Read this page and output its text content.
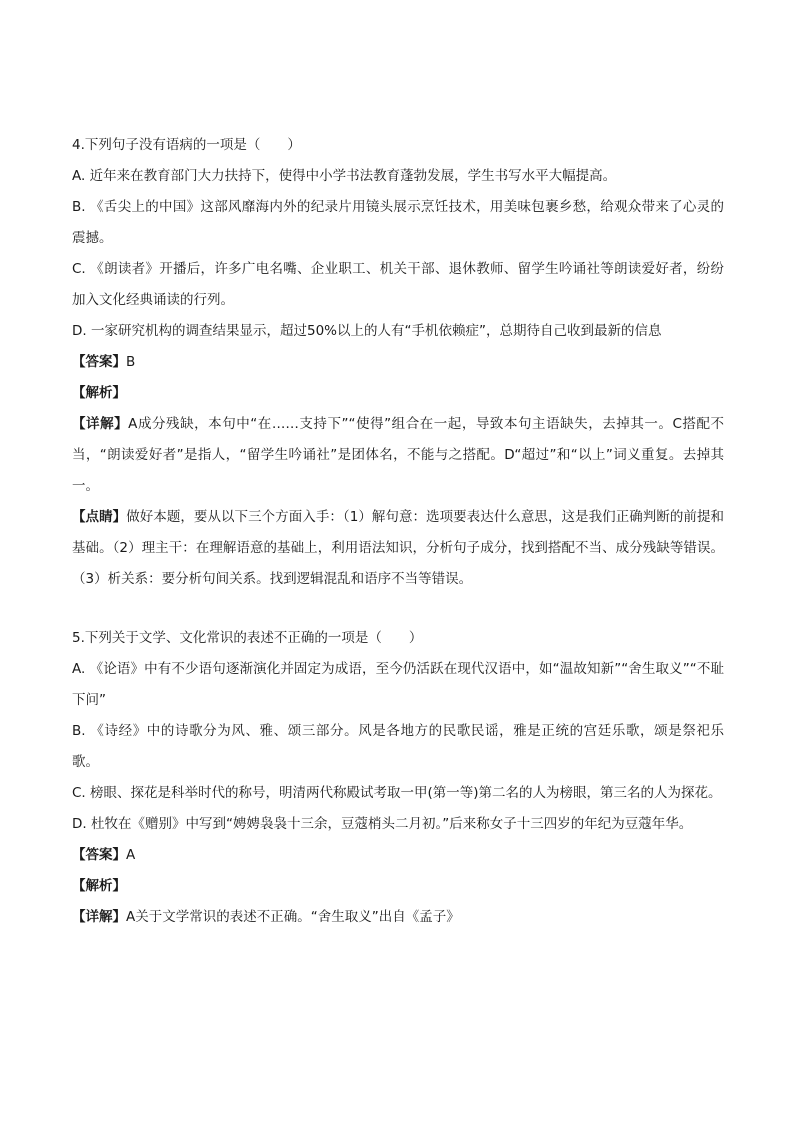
4.下列句子没有语病的一项是（　　）

A. 近年来在教育部门大力扶持下，使得中小学书法教育蓬勃发展，学生书写水平大幅提高。

B. 《舌尖上的中国》这部风靡海内外的纪录片用镜头展示烹饪技术，用美味包裹乡愁，给观众带来了心灵的震撼。

C. 《朗读者》开播后，许多广电名嘴、企业职工、机关干部、退休教师、留学生吟诵社等朗读爱好者，纷纷加入文化经典诵读的行列。

D. 一家研究机构的调查结果显示，超过50%以上的人有“手机依赖症”，总期待自己收到最新的信息

【答案】B

【解析】

【详解】A成分残缺，本句中“在……支持下”“使得”组合在一起，导致本句主语缺失，去掉其一。C搭配不当，“朗读爱好者”是指人，“留学生吟诵社”是团体名，不能与之搭配。D“超过”和“以上”词义重复。去掉其一。

【点睛】做好本题，要从以下三个方面入手：（1）解句意：选项要表达什么意思，这是我们正确判断的前提和基础。（2）理主干：在理解语意的基础上，利用语法知识，分析句子成分，找到搭配不当、成分残缺等错误。（3）析关系：要分析句间关系。找到逻辑混乱和语序不当等错误。

5.下列关于文学、文化常识的表述不正确的一项是（　　）

A. 《论语》中有不少语句逐渐演化并固定为成语，至今仍活跃在现代汉语中，如“温故知新”“舍生取义”“不耻下问”

B. 《诗经》中的诗歌分为风、雅、颂三部分。风是各地方的民歌民谣，雅是正统的宫廷乐歌，颂是祭祀乐歌。

C. 榜眼、探花是科举时代的称号，明清两代称殿试考取一甲(第一等)第二名的人为榜眼，第三名的人为探花。

D. 杜牧在《赠别》中写到“娉娉袅袅十三余，豆蔻梢头二月初。”后来称女子十三四岁的年纪为豆蔻年华。

【答案】A

【解析】

【详解】A关于文学常识的表述不正确。“舍生取义”出自《孟子》
